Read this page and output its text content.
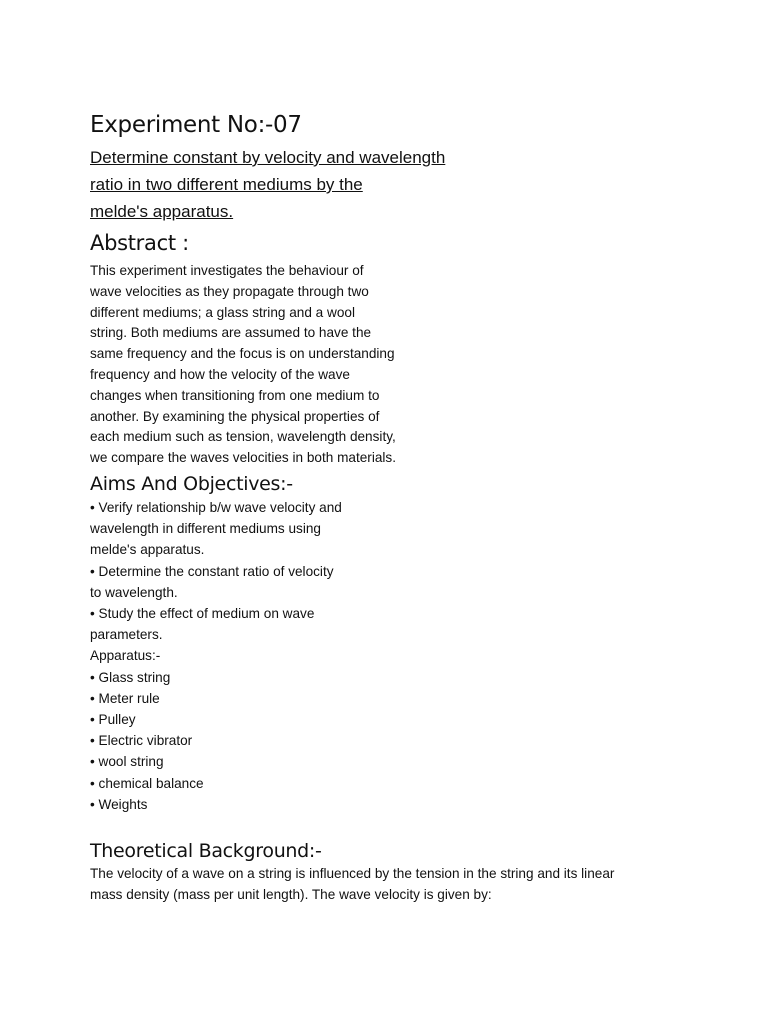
Experiment No:-07
Determine constant by velocity and wavelength
ratio in two different mediums by the
melde's apparatus.
Abstract :

This experiment investigates the behaviour of
wave velocities as they propagate through two
different mediums; a glass string and a wool
string. Both mediums are assumed to have the
same frequency and the focus is on understanding
frequency and how the velocity of the wave
changes when transitioning from one medium to
another. By examining the physical properties of
each medium such as tension, wavelength density,
we compare the waves velocities in both materials.

Aims And Objectives:-
• Verify relationship b/w wave velocity and
wavelength in different mediums using
melde's apparatus.
• Determine the constant ratio of velocity
to wavelength.
• Study the effect of medium on wave
parameters.
Apparatus:-
• Glass string
• Meter rule
• Pulley
• Electric vibrator
• wool string
• chemical balance
• Weights
Theoretical Background:-

The velocity of a wave on a string is influenced by the tension in the string and its linear
mass density (mass per unit length). The wave velocity is given by:
